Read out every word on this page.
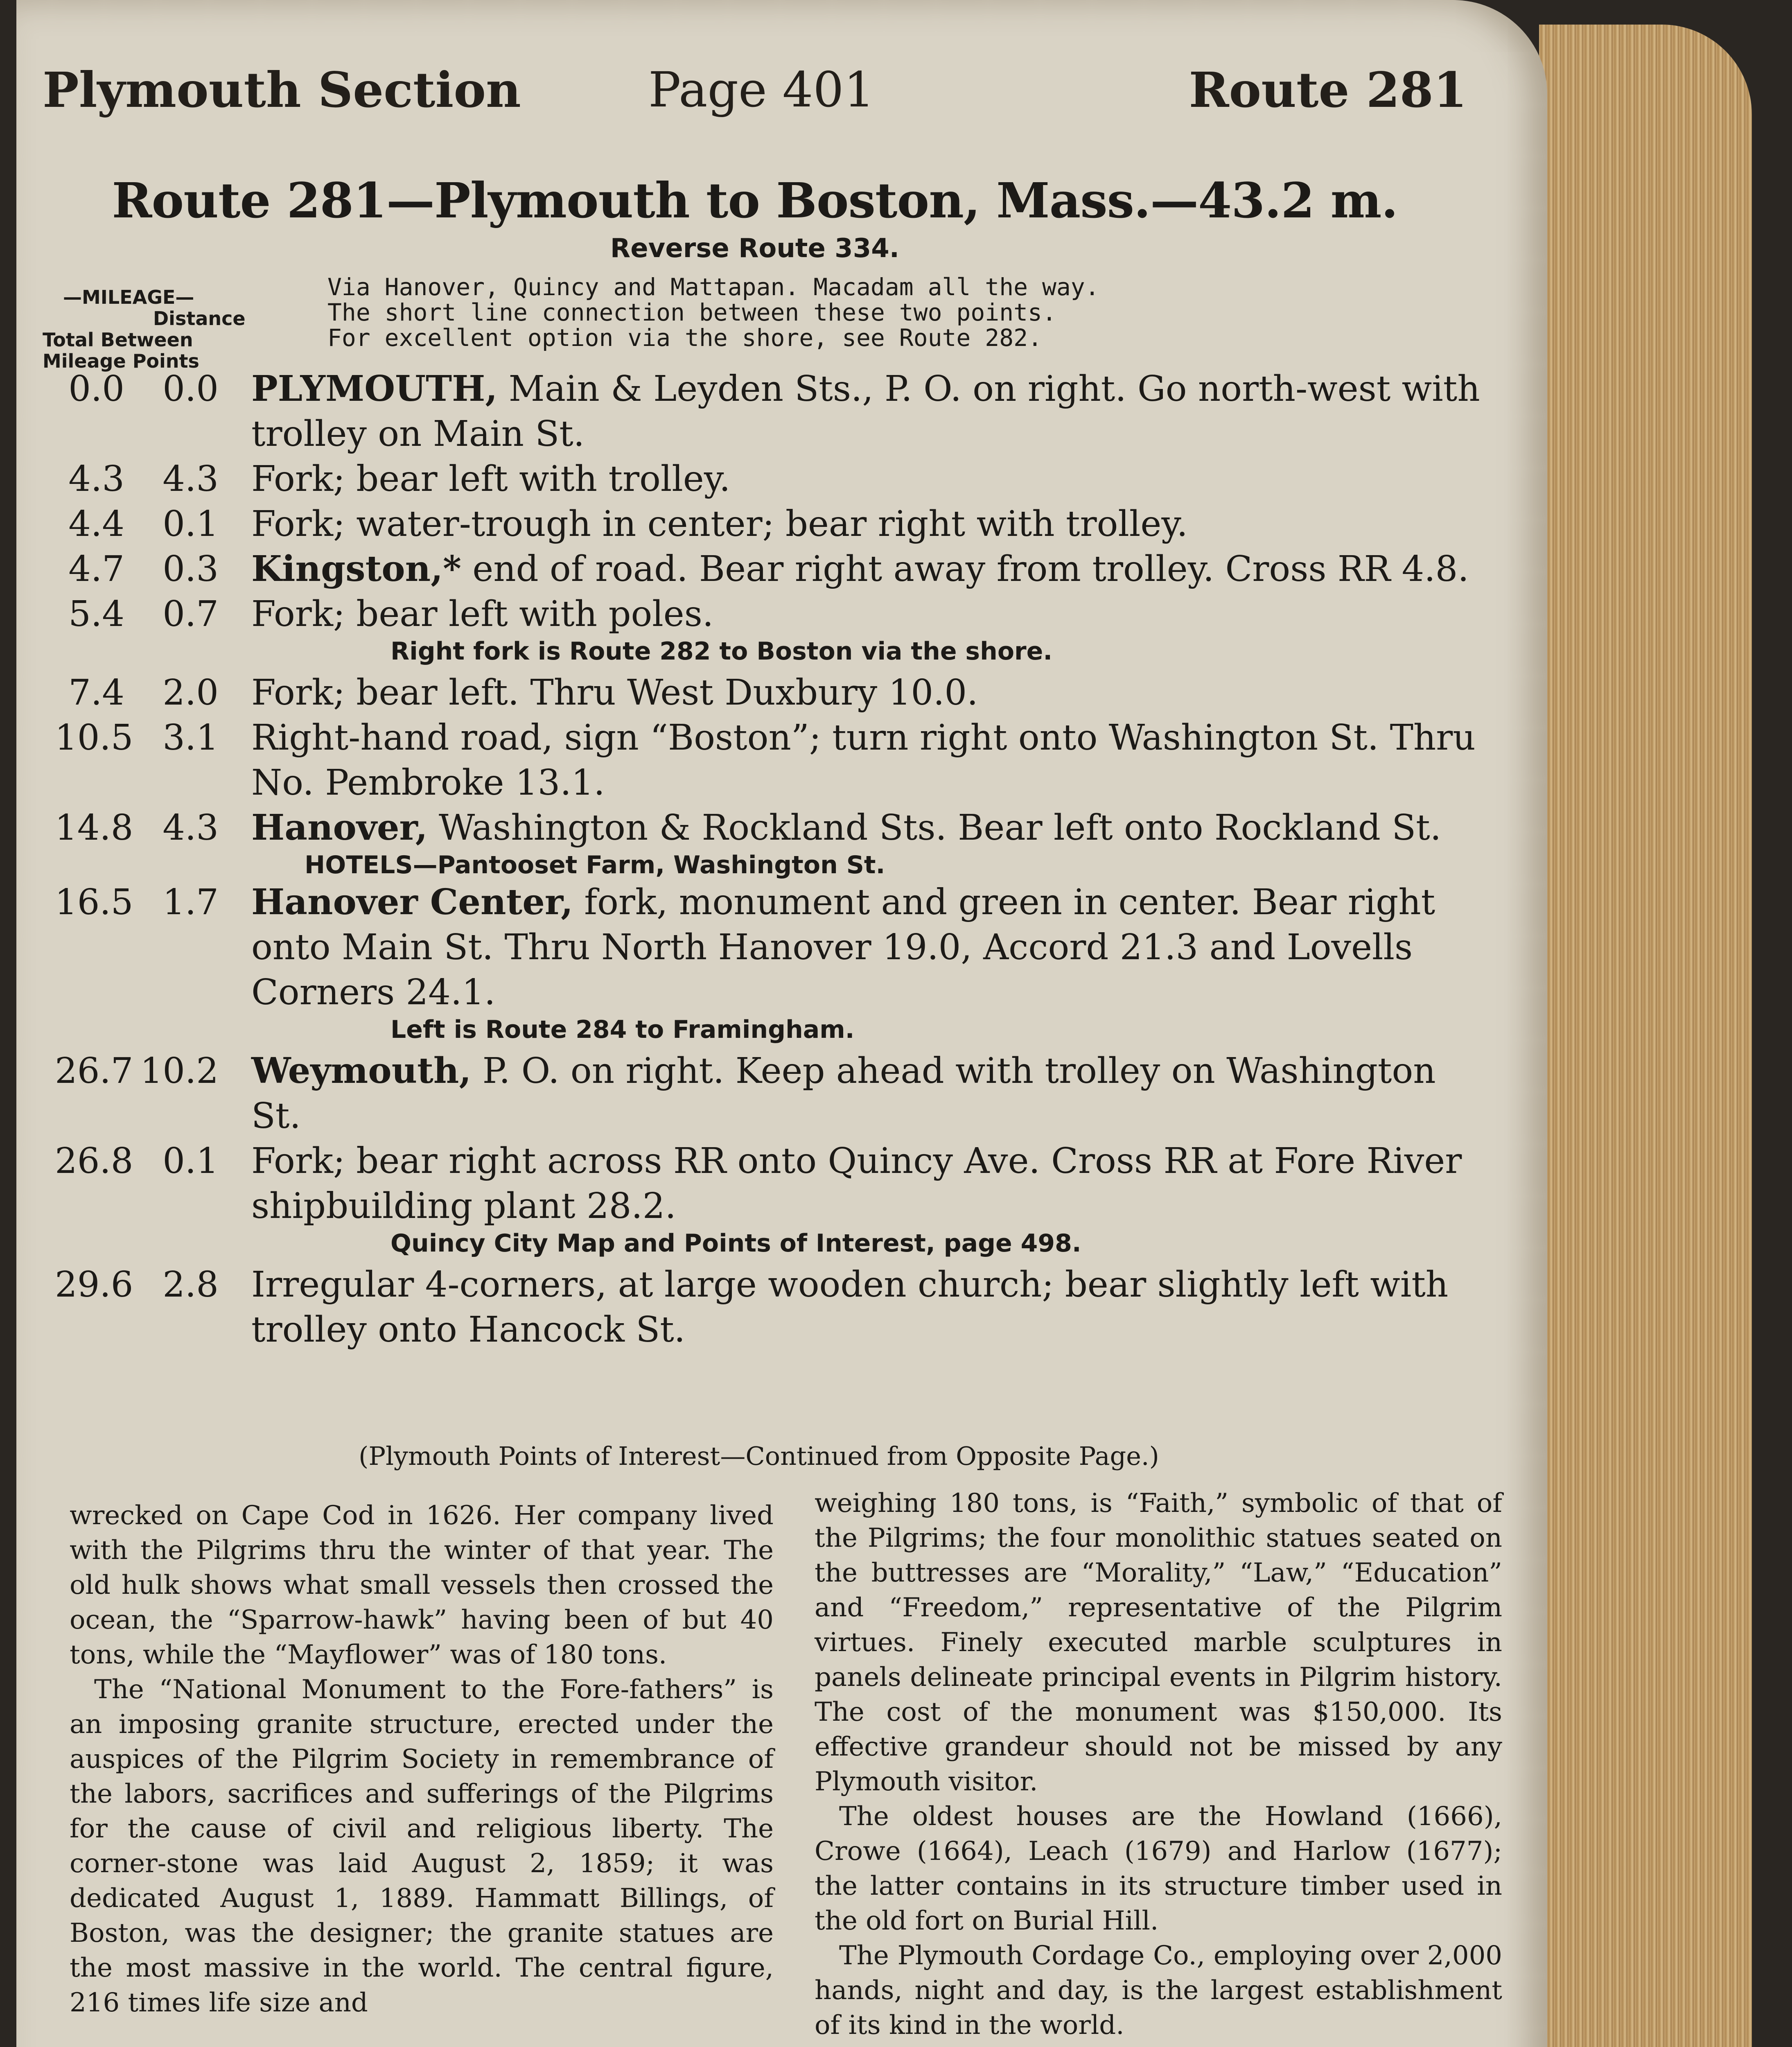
Plymouth Section	Page 401	Route 281
Route 281—Plymouth to Boston, Mass.—43.2 m.
Reverse Route 334.
—MILEAGE—
Distance
Total Between
Mileage Points
Via Hanover, Quincy and Mattapan. Macadam all the way.
The short line connection between these two points.
For excellent option via the shore, see Route 282.
0.0	0.0 PLYMOUTH, Main & Leyden Sts., P. O. on right. Go north-west with trolley on Main St.
4.3	4.3 Fork; bear left with trolley.
4.4	0.1 Fork; water-trough in center; bear right with trolley.
4.7	0.3 Kingston,* end of road. Bear right away from trolley. Cross RR 4.8.
5.4	0.7 Fork; bear left with poles.
Right fork is Route 282 to Boston via the shore.
7.4	2.0 Fork; bear left. Thru West Duxbury 10.0.
10.5 3.1 Right-hand road, sign “Boston”; turn right onto Washington St. Thru No. Pembroke 13.1.
14.8 4.3 Hanover, Washington & Rockland Sts. Bear left onto Rockland St.
HOTELS—Pantooset Farm, Washington St.
16.5 1.7 Hanover Center, fork, monument and green in center. Bear right onto Main St. Thru North Hanover 19.0, Accord 21.3 and Lovells Corners 24.1.
Left is Route 284 to Framingham.
26.7 10.2 Weymouth, P. O. on right. Keep ahead with trolley on Washington St.
26.8 0.1 Fork; bear right across RR onto Quincy Ave. Cross RR at Fore River shipbuilding plant 28.2.
Quincy City Map and Points of Interest, page 498.
29.6 2.8 Irregular 4-corners, at large wooden church; bear slightly left with trolley onto Hancock St.
(Plymouth Points of Interest—Continued from Opposite Page.)

wrecked on Cape Cod in 1626. Her company lived with the Pilgrims thru the winter of that year. The old hulk shows what small vessels then crossed the ocean, the “Sparrow-hawk” having been of but 40 tons, while the “Mayflower” was of 180 tons.

The “National Monument to the Fore-fathers” is an imposing granite structure, erected under the auspices of the Pilgrim Society in remembrance of the labors, sacrifices and sufferings of the Pilgrims for the cause of civil and religious liberty. The corner-stone was laid August 2, 1859; it was dedicated August 1, 1889. Hammatt Billings, of Boston, was the designer; the granite statues are the most massive in the world. The central figure, 216 times life size and

weighing 180 tons, is “Faith,” symbolic of that of the Pilgrims; the four monolithic statues seated on the buttresses are “Morality,” “Law,” “Education” and “Freedom,” representative of the Pilgrim virtues. Finely executed marble sculptures in panels delineate principal events in Pilgrim history. The cost of the monument was $150,000. Its effective grandeur should not be missed by any Plymouth visitor.

The oldest houses are the Howland (1666), Crowe (1664), Leach (1679) and Harlow (1677); the latter contains in its structure timber used in the old fort on Burial Hill.

The Plymouth Cordage Co., employing over 2,000 hands, night and day, is the largest establishment of its kind in the world.
